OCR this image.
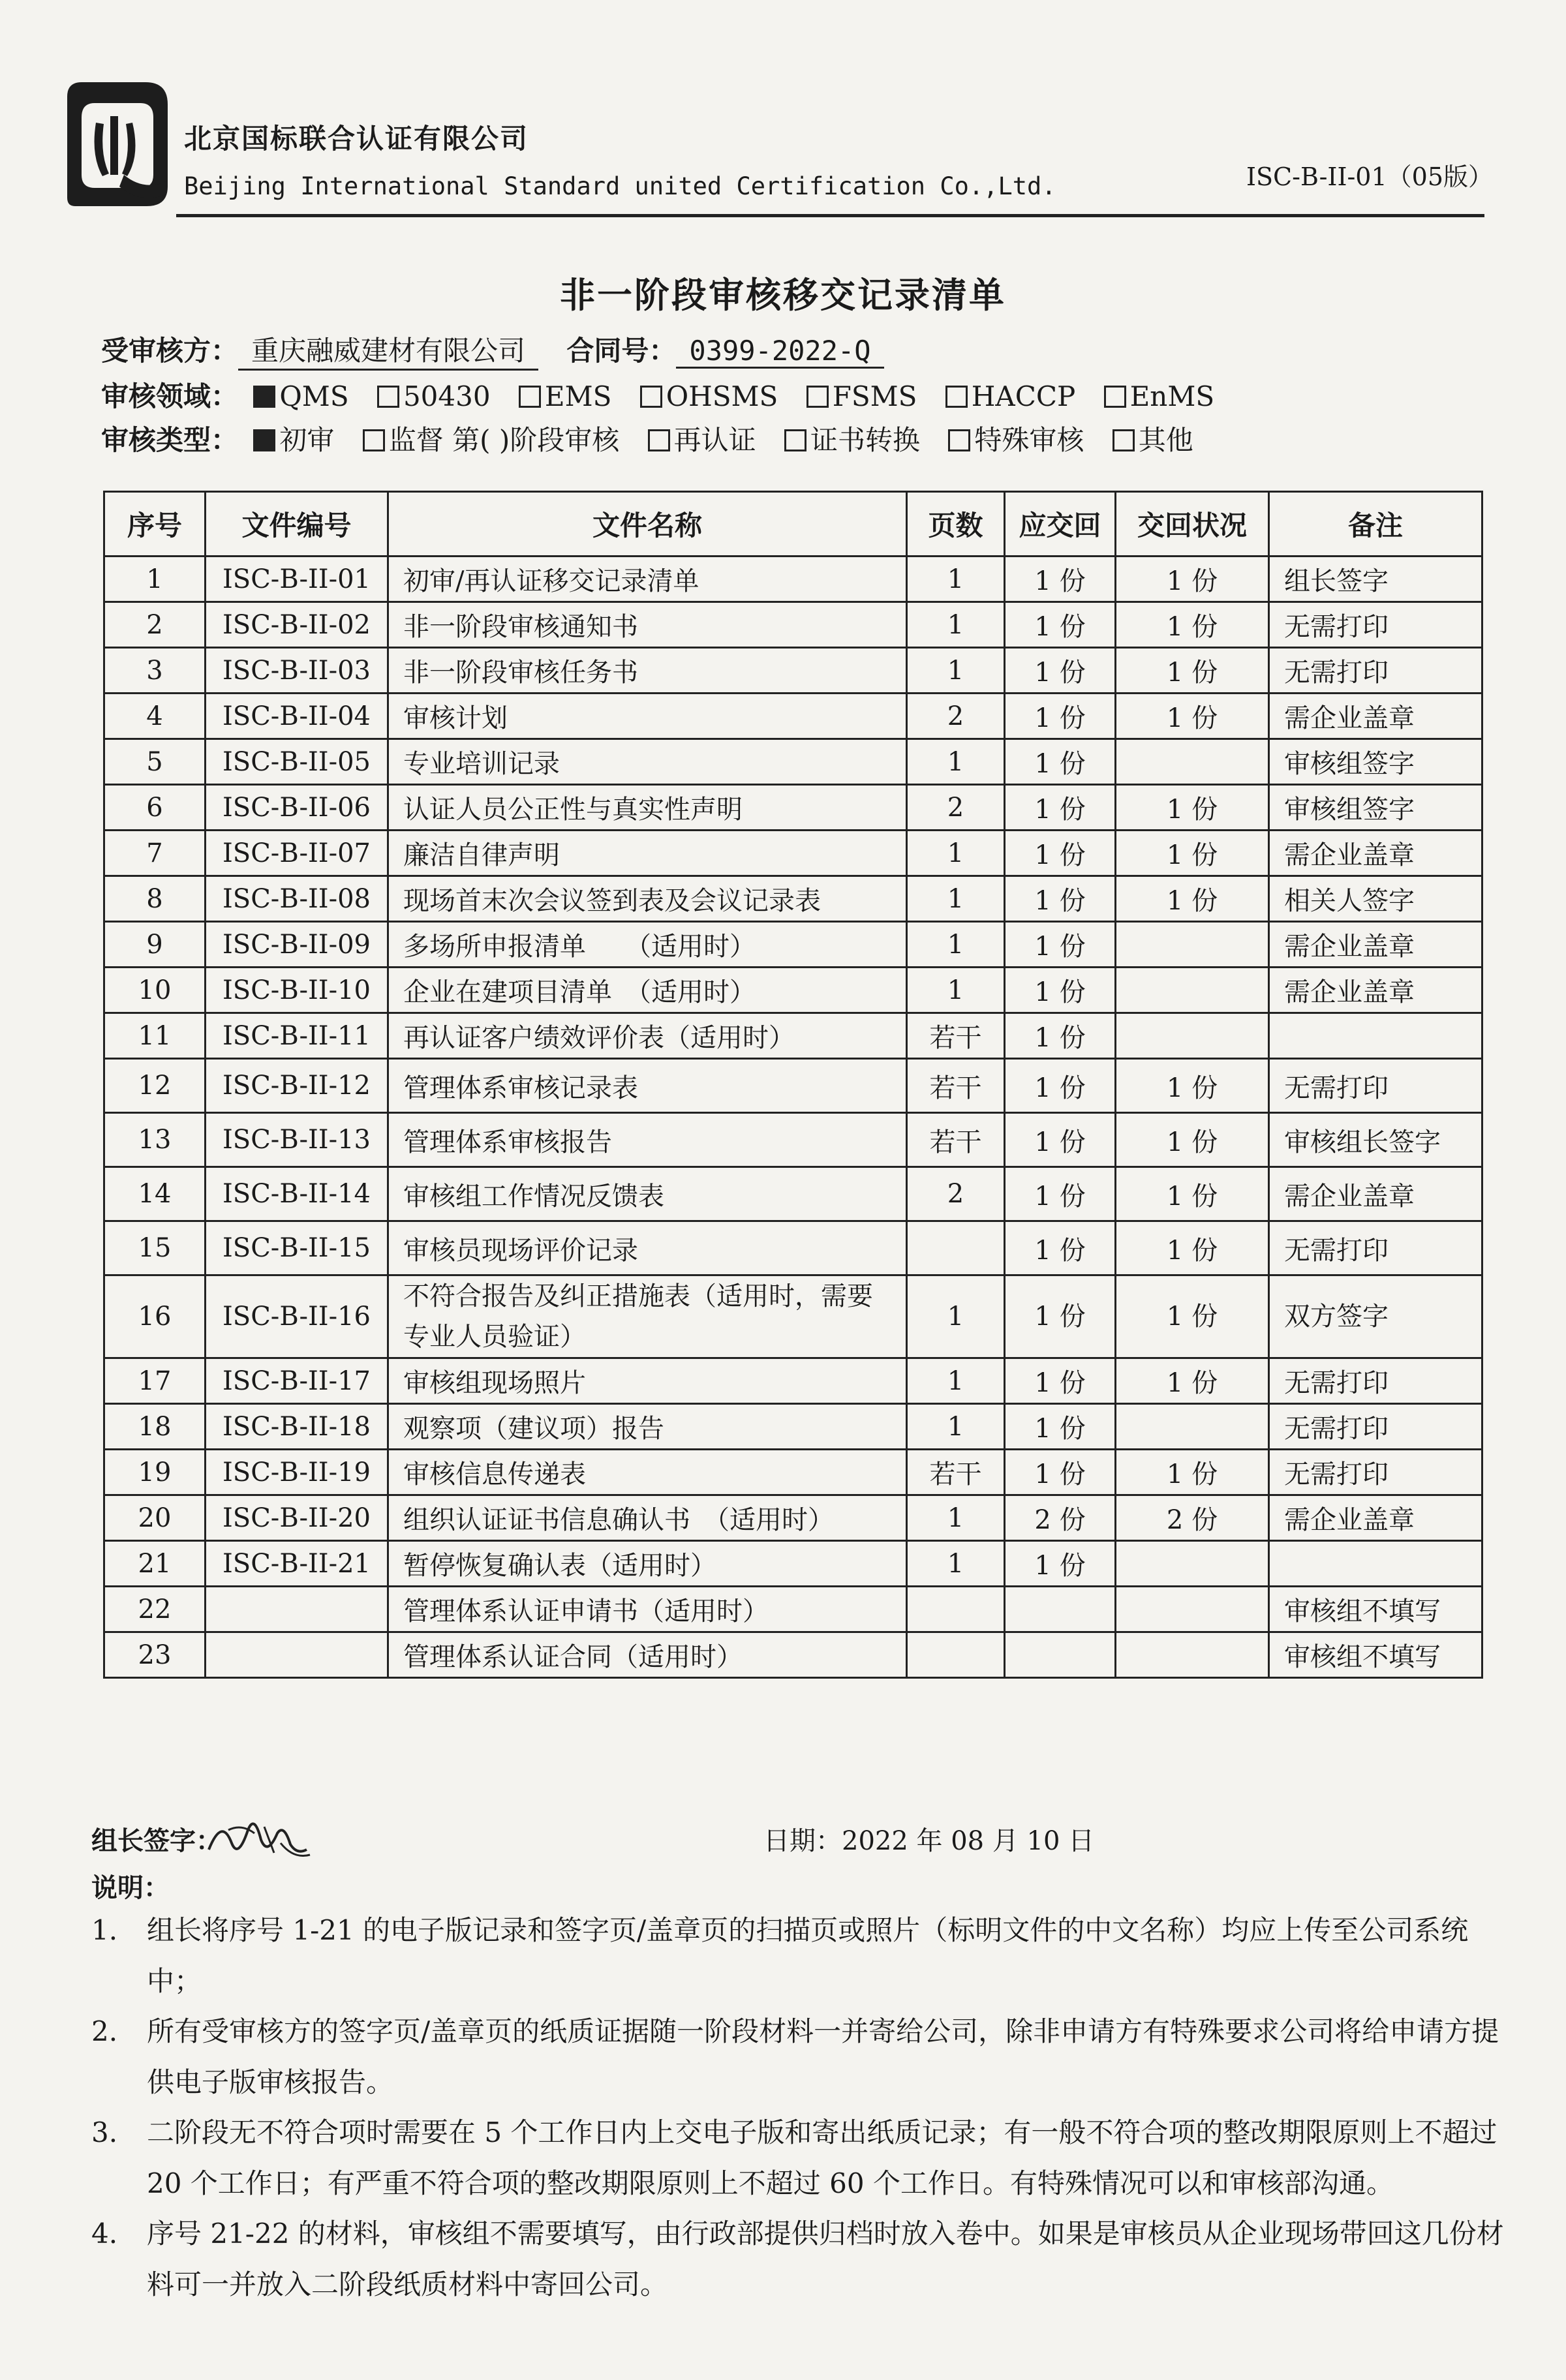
北京国标联合认证有限公司
Beijing International Standard united Certification Co.,Ltd.	ISC-B-II-01（05版）
非一阶段审核移交记录清单
受审核方： 重庆融威建材有限公司 合同号： 0399-2022-Q
审核领域： QMS 50430 EMS OHSMS FSMS HACCP EnMS
审核类型： 初审 监督 第( )阶段审核 再认证 证书转换 特殊审核 其他
序号	文件编号	文件名称	页数	应交回	交回状况	备注
1	ISC-B-II-01	初审/再认证移交记录清单	1	1 份	1 份	组长签字
2	ISC-B-II-02	非一阶段审核通知书	1	1 份	1 份	无需打印
3	ISC-B-II-03	非一阶段审核任务书	1	1 份	1 份	无需打印
4	ISC-B-II-04	审核计划	2	1 份	1 份	需企业盖章
5	ISC-B-II-05	专业培训记录	1	1 份		审核组签字
6	ISC-B-II-06	认证人员公正性与真实性声明	2	1 份	1 份	审核组签字
7	ISC-B-II-07	廉洁自律声明	1	1 份	1 份	需企业盖章
8	ISC-B-II-08	现场首末次会议签到表及会议记录表	1	1 份	1 份	相关人签字
9	ISC-B-II-09	多场所申报清单　　（适用时）	1	1 份		需企业盖章
10	ISC-B-II-10	企业在建项目清单　（适用时）	1	1 份		需企业盖章
11	ISC-B-II-11	再认证客户绩效评价表（适用时）	若干	1 份		
12	ISC-B-II-12	管理体系审核记录表	若干	1 份	1 份	无需打印
13	ISC-B-II-13	管理体系审核报告	若干	1 份	1 份	审核组长签字
14	ISC-B-II-14	审核组工作情况反馈表	2	1 份	1 份	需企业盖章
15	ISC-B-II-15	审核员现场评价记录		1 份	1 份	无需打印
16	ISC-B-II-16	不符合报告及纠正措施表（适用时，需要专业人员验证）	1	1 份	1 份	双方签字
17	ISC-B-II-17	审核组现场照片	1	1 份	1 份	无需打印
18	ISC-B-II-18	观察项（建议项）报告	1	1 份		无需打印
19	ISC-B-II-19	审核信息传递表	若干	1 份	1 份	无需打印
20	ISC-B-II-20	组织认证证书信息确认书　（适用时）	1	2 份	2 份	需企业盖章
21	ISC-B-II-21	暂停恢复确认表（适用时）	1	1 份		
22		管理体系认证申请书（适用时）				审核组不填写
23		管理体系认证合同（适用时）				审核组不填写
组长签字：	日期：2022 年 08 月 10 日
说明：
1. 组长将序号 1-21 的电子版记录和签字页/盖章页的扫描页或照片（标明文件的中文名称）均应上传至公司系统中；
2. 所有受审核方的签字页/盖章页的纸质证据随一阶段材料一并寄给公司，除非申请方有特殊要求公司将给申请方提供电子版审核报告。
3. 二阶段无不符合项时需要在 5 个工作日内上交电子版和寄出纸质记录；有一般不符合项的整改期限原则上不超过 20 个工作日；有严重不符合项的整改期限原则上不超过 60 个工作日。有特殊情况可以和审核部沟通。
4. 序号 21-22 的材料，审核组不需要填写，由行政部提供归档时放入卷中。如果是审核员从企业现场带回这几份材料可一并放入二阶段纸质材料中寄回公司。
